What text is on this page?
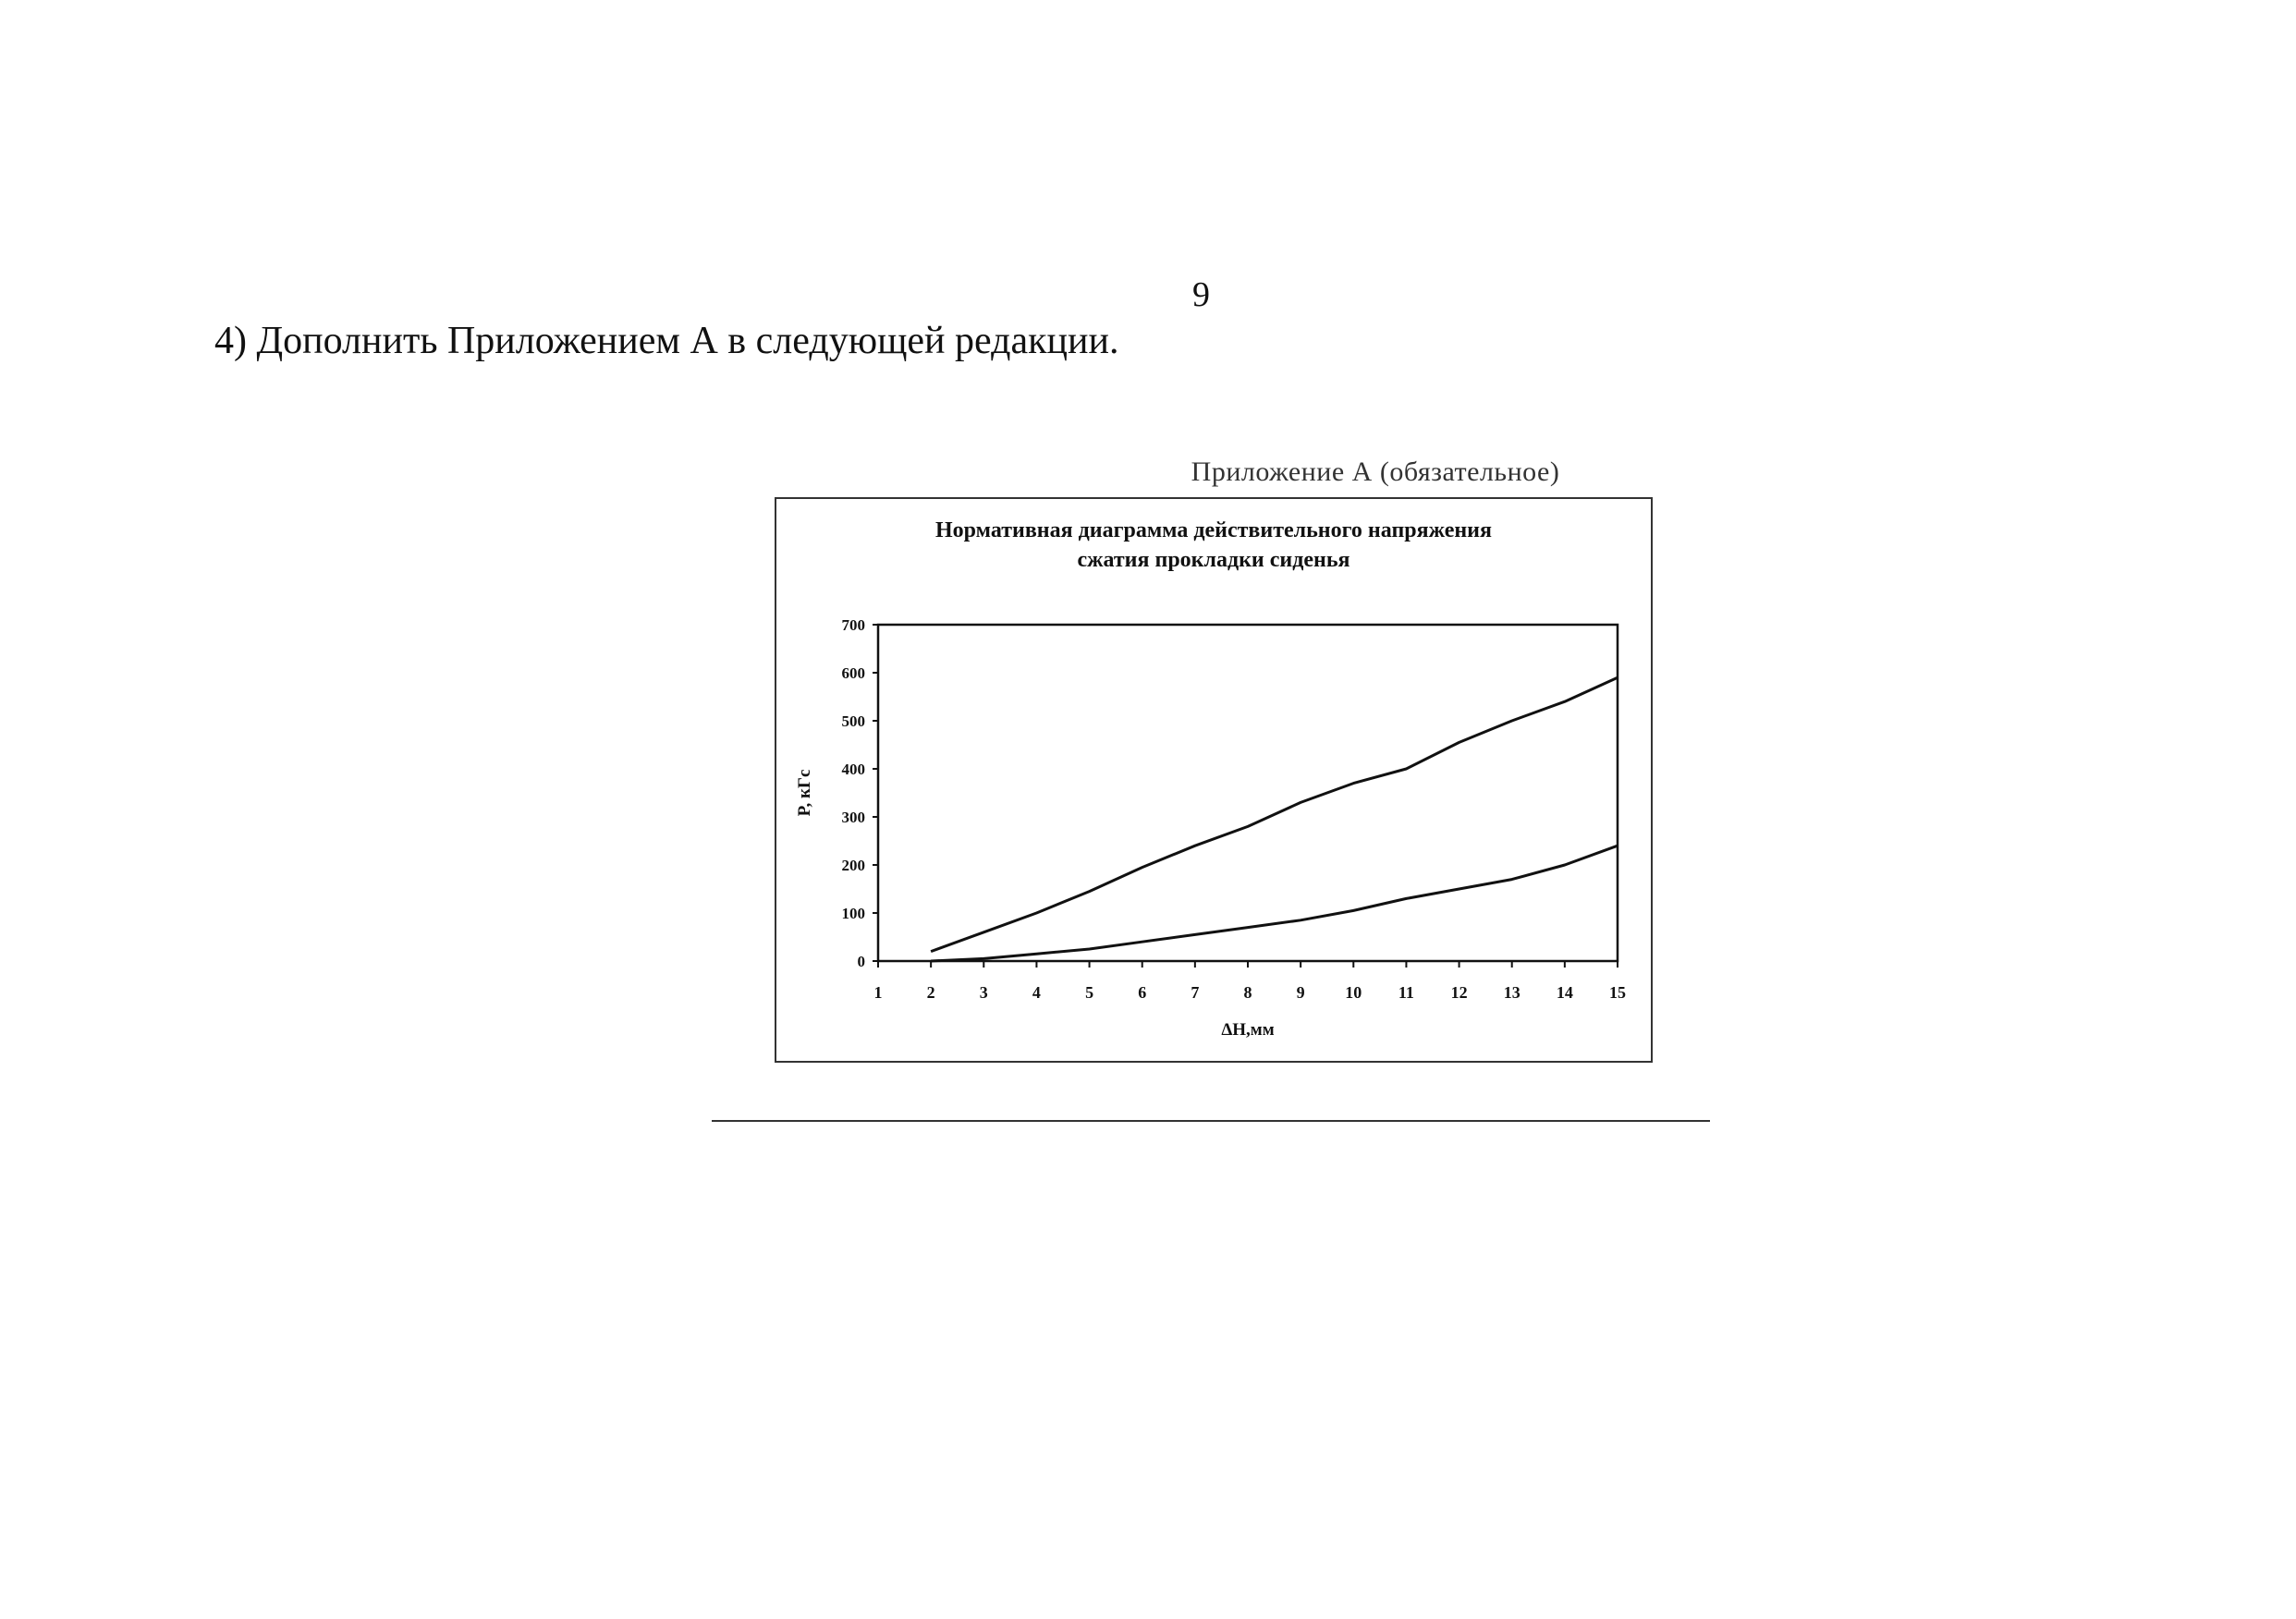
9
4) Дополнить Приложением А в следующей редакции.
Приложение А (обязательное)
Нормативная диаграмма действительного напряжения
сжатия прокладки сиденья
0
100
200
300
400
500
600
700
1	2	3	4	5	6	7	8	9 10 11 12 13 14 15
ΔH,мм
P, кГс
